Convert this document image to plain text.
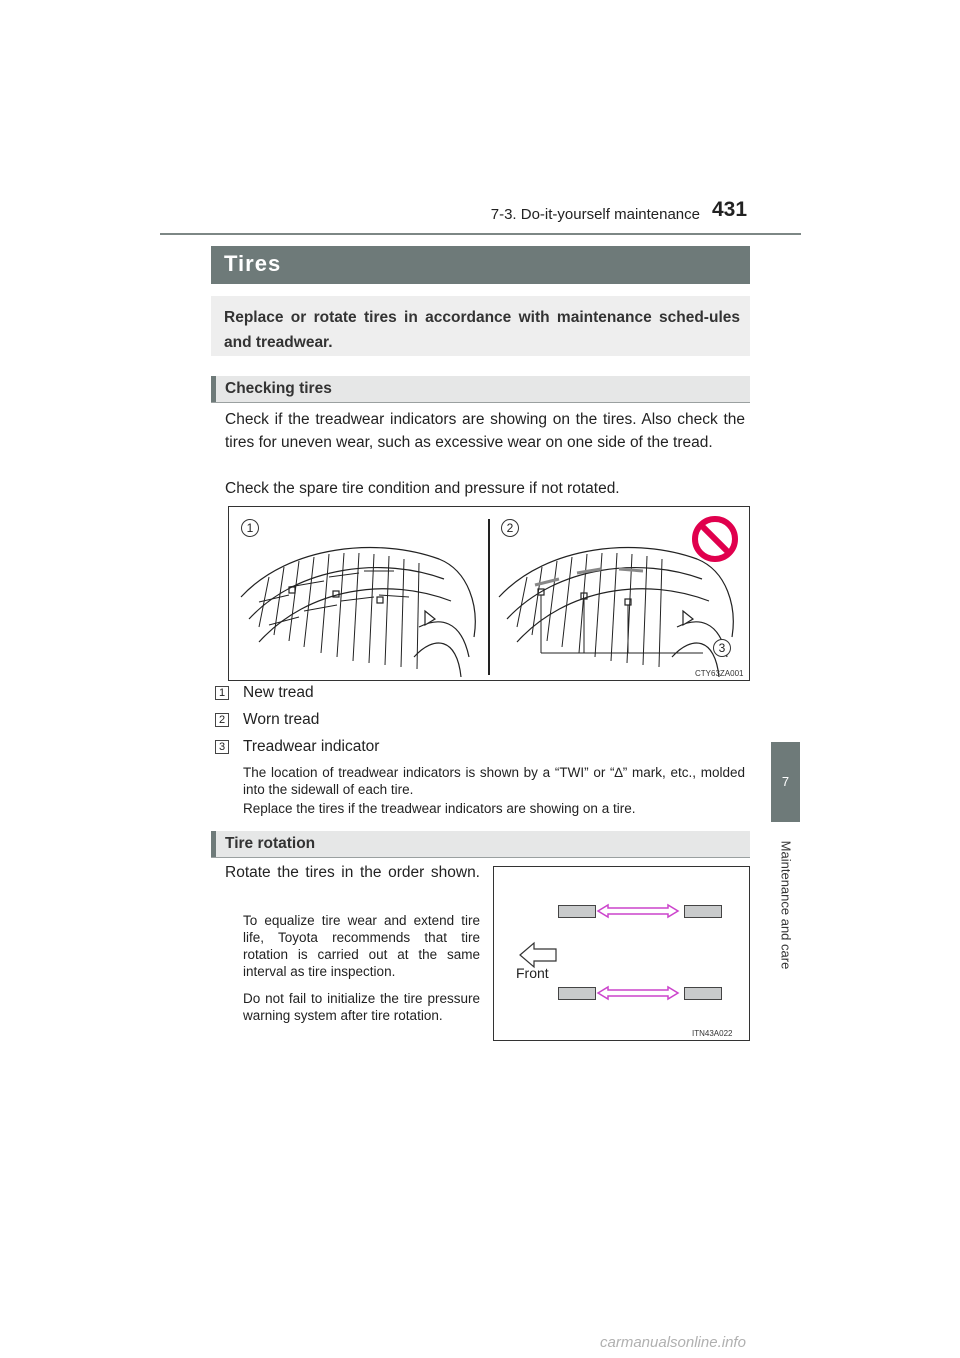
7-3. Do-it-yourself maintenance 431
7
Maintenance and care
Tires

Replace or rotate tires in accordance with maintenance sched-ules and treadwear.

Checking tires
Check if the treadwear indicators are showing on the tires. Also check the tires for uneven wear, such as excessive wear on one side of the tread.
Check the spare tire condition and pressure if not rotated.
1	2
3
CTY63ZA001
1 New tread
2 Worn tread
3 Treadwear indicator
The location of treadwear indicators is shown by a “TWI” or “∆” mark, etc., molded into the sidewall of each tire.
Replace the tires if the treadwear indicators are showing on a tire.
Tire rotation
Rotate the tires in the order shown.
To equalize tire wear and extend tire life, Toyota recommends that tire rotation is carried out at the same interval as tire inspection.
Do not fail to initialize the tire pressure warning system after tire rotation.
Front
ITN43A022
carmanualsonline.info
